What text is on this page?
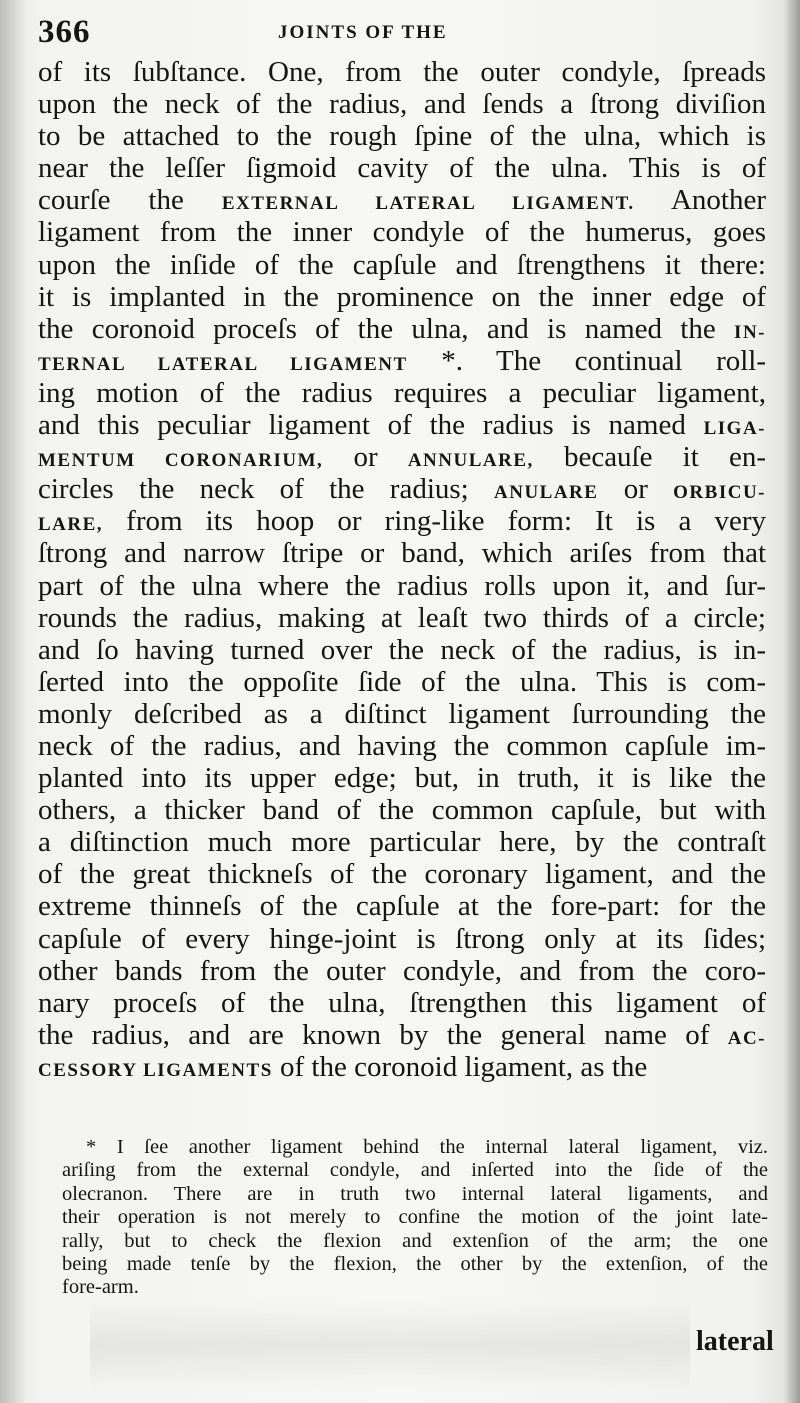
366	JOINTS OF THE
of its ſubſtance. One, from the outer condyle, ſpreads
upon the neck of the radius, and ſends a ſtrong diviſion
to be attached to the rough ſpine of the ulna, which is
near the leſſer ſigmoid cavity of the ulna. This is of
courſe the EXTERNAL LATERAL LIGAMENT. Another
ligament from the inner condyle of the humerus, goes
upon the inſide of the capſule and ſtrengthens it there:
it is implanted in the prominence on the inner edge of
the coronoid proceſs of the ulna, and is named the IN-
TERNAL LATERAL LIGAMENT *. The continual roll-
ing motion of the radius requires a peculiar ligament,
and this peculiar ligament of the radius is named LIGA-
MENTUM CORONARIUM, or ANNULARE, becauſe it en-
circles the neck of the radius; ANULARE or ORBICU-
LARE, from its hoop or ring-like form: It is a very
ſtrong and narrow ſtripe or band, which ariſes from that
part of the ulna where the radius rolls upon it, and ſur-
rounds the radius, making at leaſt two thirds of a circle;
and ſo having turned over the neck of the radius, is in-
ſerted into the oppoſite ſide of the ulna. This is com-
monly deſcribed as a diſtinct ligament ſurrounding the
neck of the radius, and having the common capſule im-
planted into its upper edge; but, in truth, it is like the
others, a thicker band of the common capſule, but with
a diſtinction much more particular here, by the contraſt
of the great thickneſs of the coronary ligament, and the
extreme thinneſs of the capſule at the fore-part: for the
capſule of every hinge-joint is ſtrong only at its ſides;
other bands from the outer condyle, and from the coro-
nary proceſs of the ulna, ſtrengthen this ligament of
the radius, and are known by the general name of AC-
CESSORY LIGAMENTS of the coronoid ligament, as the
* I ſee another ligament behind the internal lateral ligament, viz.
ariſing from the external condyle, and inſerted into the ſide of the
olecranon. There are in truth two internal lateral ligaments, and
their operation is not merely to confine the motion of the joint late-
rally, but to check the flexion and extenſion of the arm; the one
being made tenſe by the flexion, the other by the extenſion, of the
fore-arm.
lateral
